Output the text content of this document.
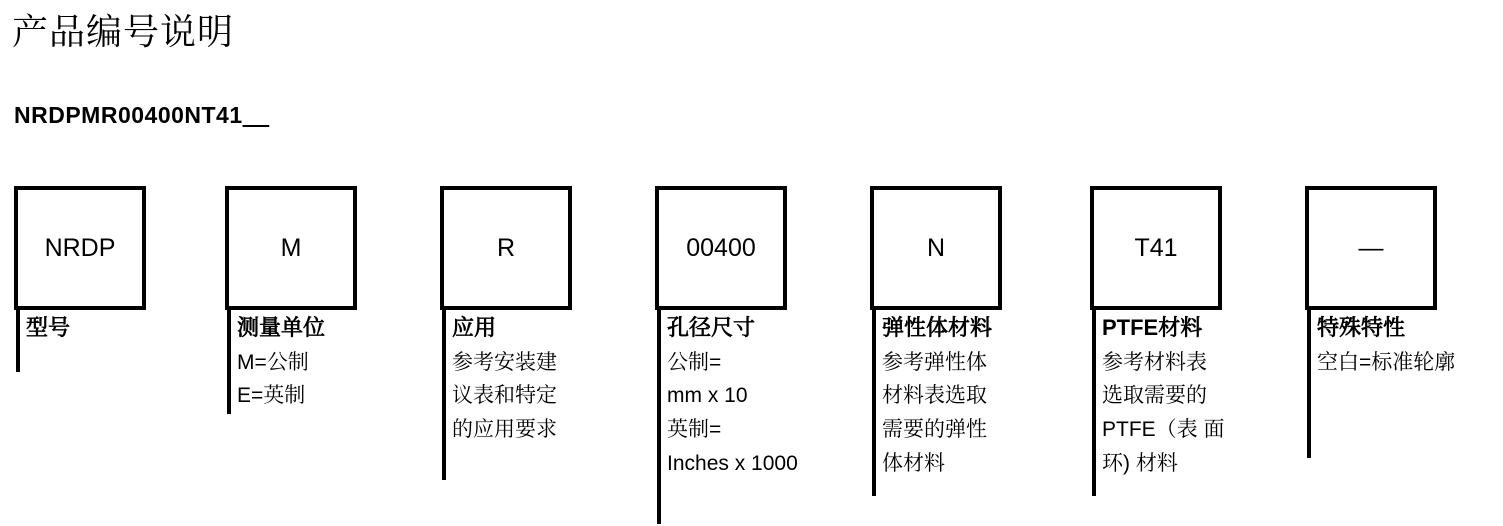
产品编号说明
NRDPMR00400NT41__
NRDP
型号
M
测量单位
M=公制
E=英制
R
应用
参考安装建
议表和特定
的应用要求
00400
孔径尺寸
公制=
mm x 10
英制=
Inches x 1000
N
弹性体材料
参考弹性体
材料表选取
需要的弹性
体材料
T41
PTFE材料
参考材料表
选取需要的
PTFE（表 面
环) 材料
—
特殊特性
空白=标准轮廓
